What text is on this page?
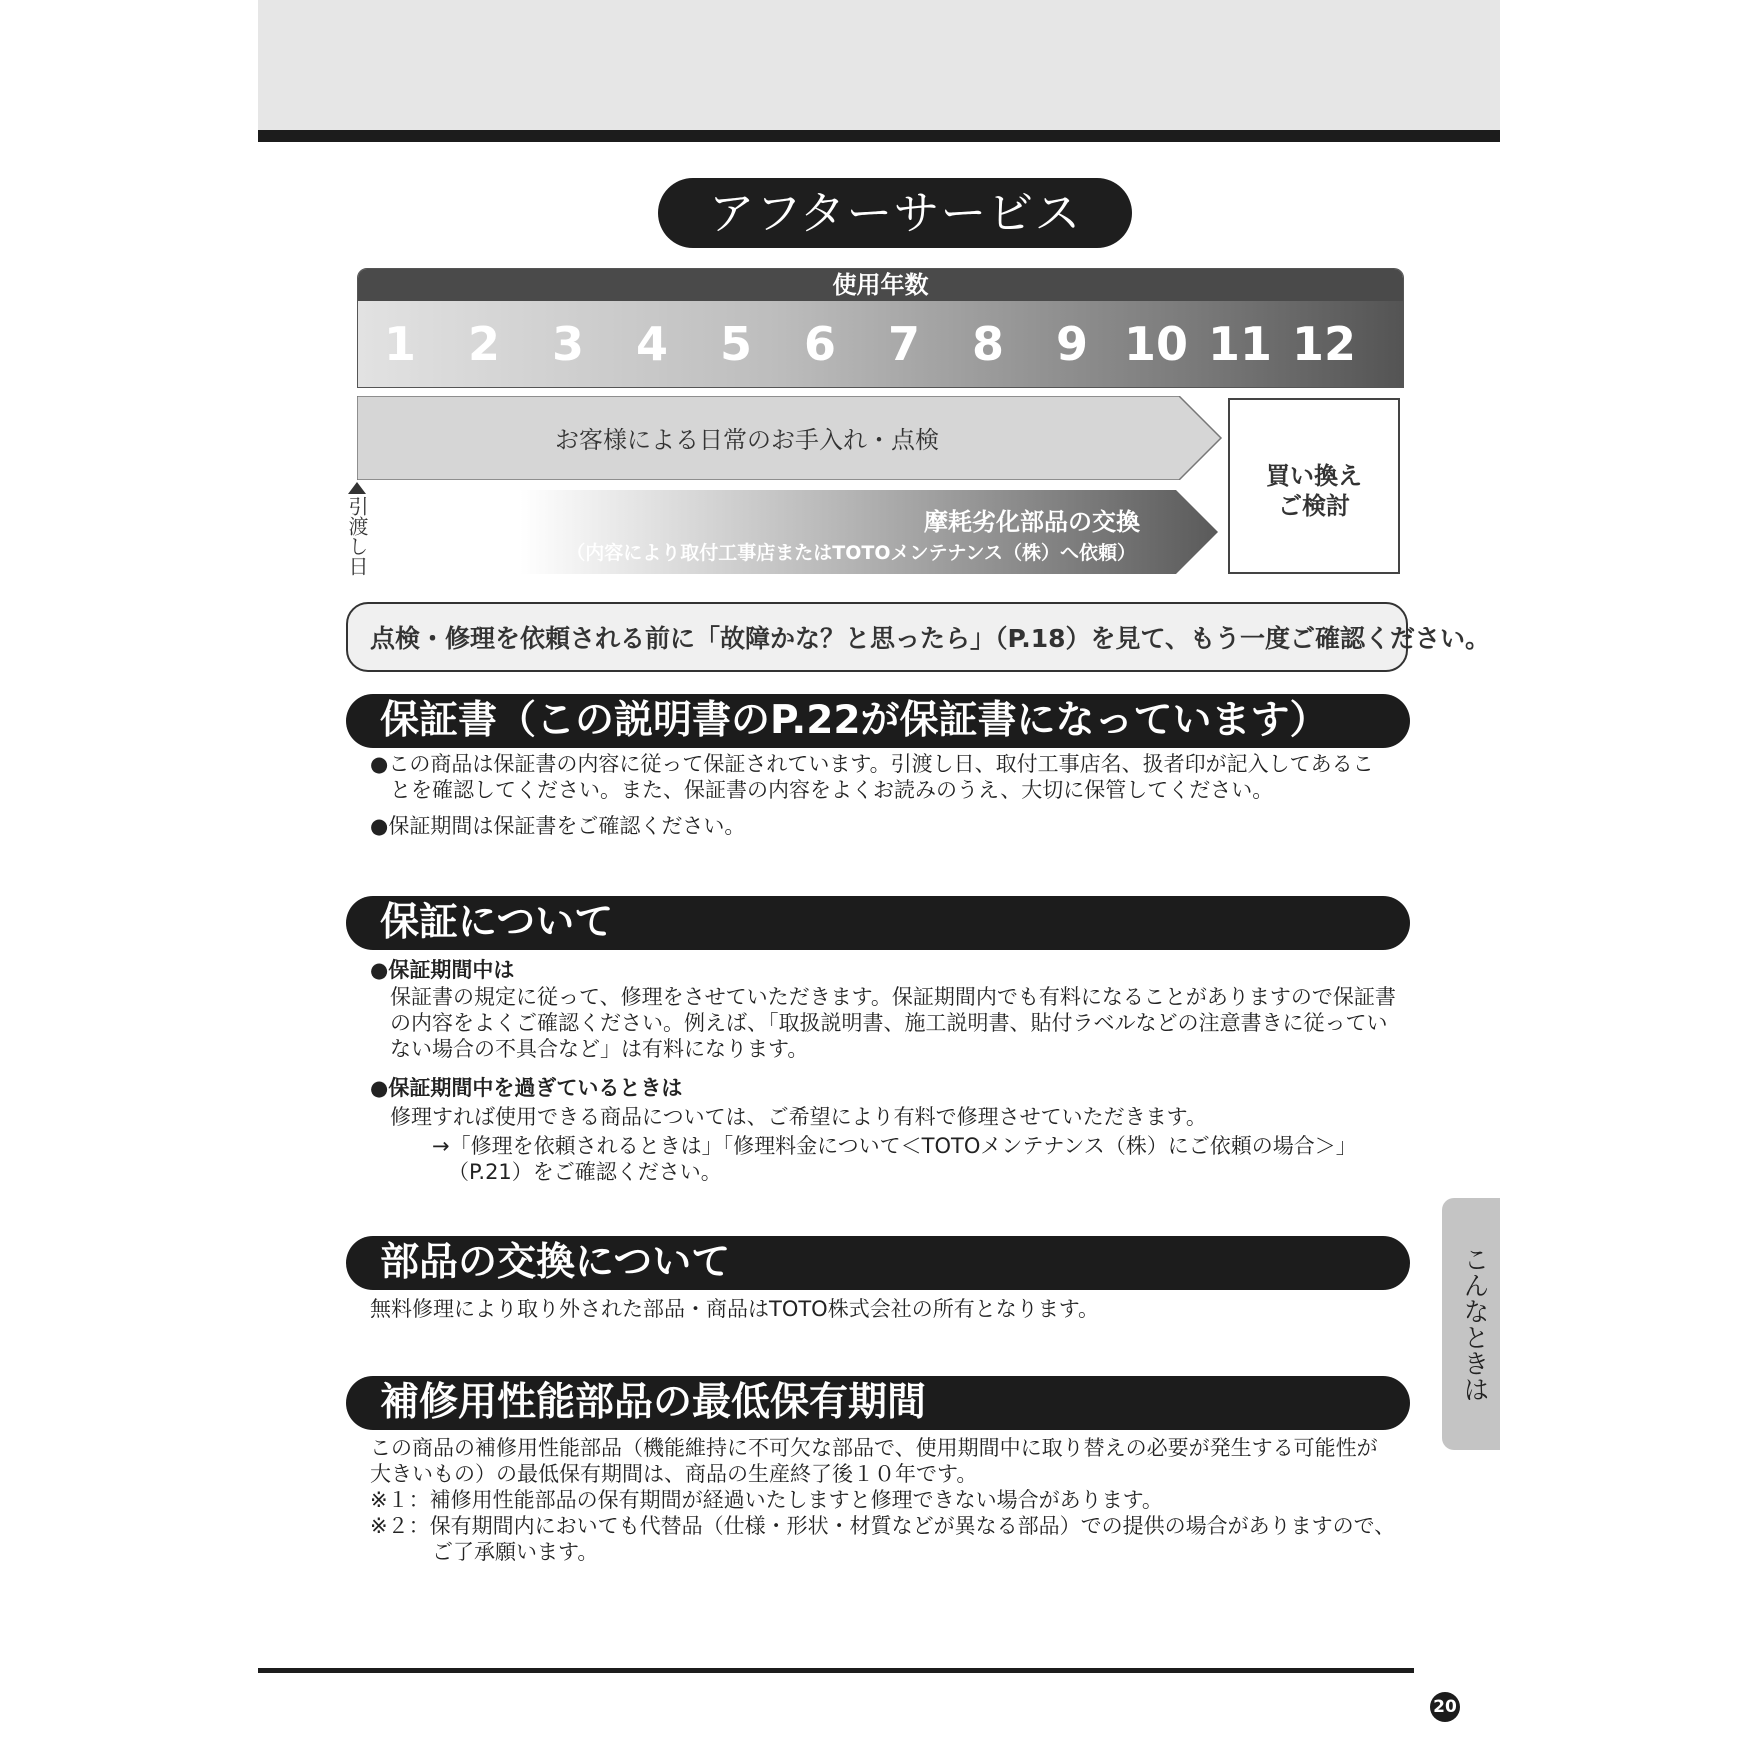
アフターサービス
使用年数
1	2	3	4	5	6	7	8	9 10 11 12
お客様による日常のお手入れ・点検
摩耗劣化部品の交換
（内容により取付工事店またはTOTOメンテナンス（株）へ依頼）
買い換え
ご検討
引渡し日
点検・修理を依頼される前に「故障かな？と思ったら」（P.18）を見て、もう一度ご確認ください。
保証書（この説明書のP.22が保証書になっています）
●この商品は保証書の内容に従って保証されています。引渡し日、取付工事店名、扱者印が記入してあるこ
とを確認してください。また、保証書の内容をよくお読みのうえ、大切に保管してください。
●保証期間は保証書をご確認ください。
保証について
●保証期間中は
保証書の規定に従って、修理をさせていただきます。保証期間内でも有料になることがありますので保証書
の内容をよくご確認ください。例えば、「取扱説明書、施工説明書、貼付ラベルなどの注意書きに従ってい
ない場合の不具合など」は有料になります。
●保証期間中を過ぎているときは
修理すれば使用できる商品については、ご希望により有料で修理させていただきます。
→「修理を依頼されるときは」「修理料金について＜TOTOメンテナンス（株）にご依頼の場合＞」
（P.21）をご確認ください。
部品の交換について
無料修理により取り外された部品・商品はTOTO株式会社の所有となります。
補修用性能部品の最低保有期間
この商品の補修用性能部品（機能維持に不可欠な部品で、使用期間中に取り替えの必要が発生する可能性が
大きいもの）の最低保有期間は、商品の生産終了後１０年です。
※１：補修用性能部品の保有期間が経過いたしますと修理できない場合があります。
※２：保有期間内においても代替品（仕様・形状・材質などが異なる部品）での提供の場合がありますので、
ご了承願います。
こんなときは
20
